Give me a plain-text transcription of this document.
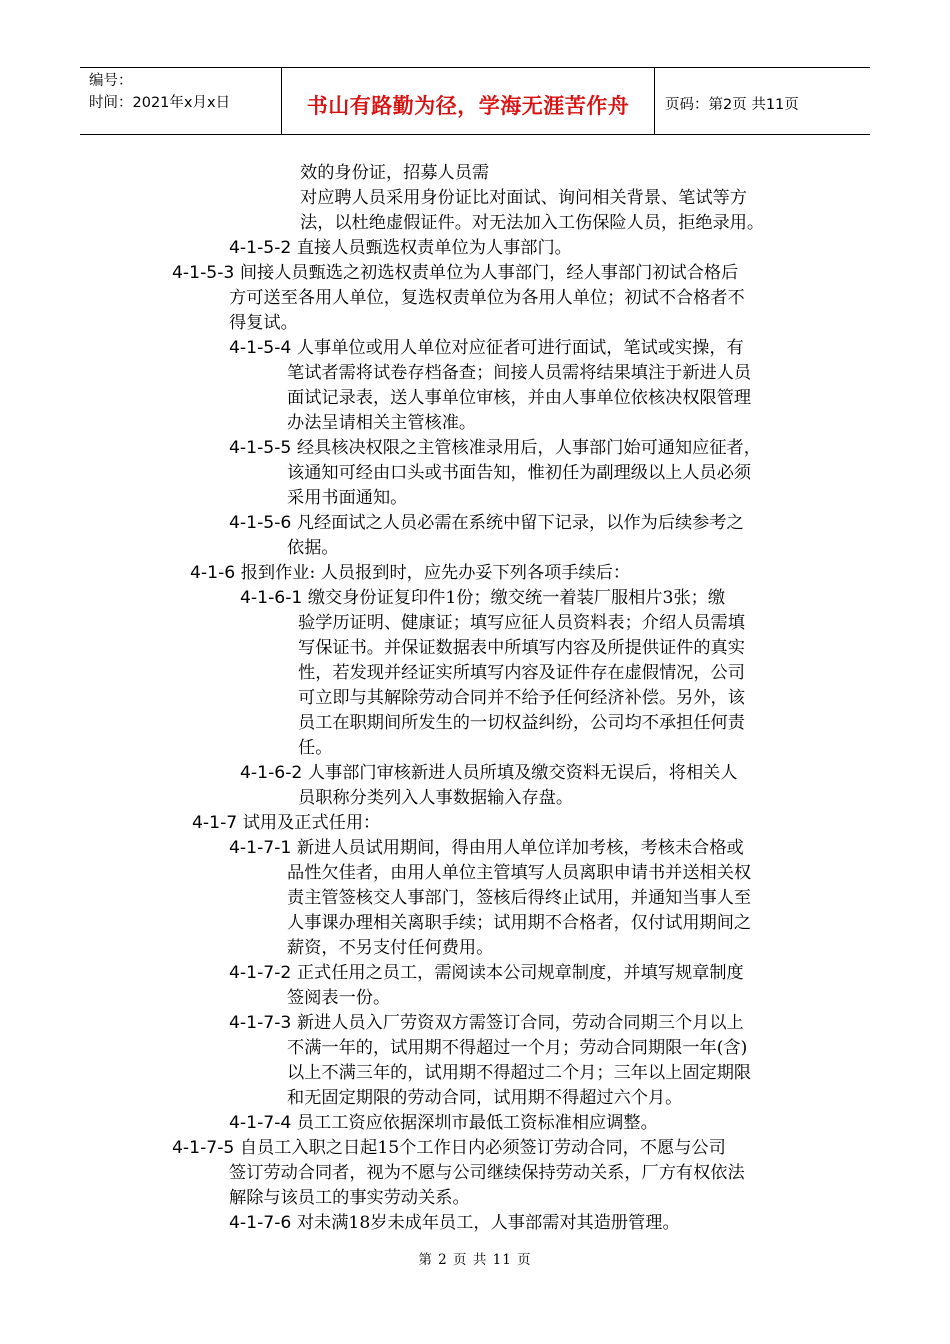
编号：
时间：2021年x月x日	书山有路勤为径，学海无涯苦作舟	页码：第2页 共11页
效的身份证，招募人员需
对应聘人员采用身份证比对面试、询问相关背景、笔试等方
法，以杜绝虚假证件。对无法加入工伤保险人员，拒绝录用。
4-1-5-2 直接人员甄选权责单位为人事部门。
4-1-5-3 间接人员甄选之初选权责单位为人事部门，经人事部门初试合格后
方可送至各用人单位，复选权责单位为各用人单位；初试不合格者不
得复试。
4-1-5-4 人事单位或用人单位对应征者可进行面试，笔试或实操，有
笔试者需将试卷存档备查；间接人员需将结果填注于新进人员
面试记录表，送人事单位审核，并由人事单位依核决权限管理
办法呈请相关主管核准。
4-1-5-5 经具核决权限之主管核准录用后，人事部门始可通知应征者，
该通知可经由口头或书面告知，惟初任为副理级以上人员必须
采用书面通知。
4-1-5-6 凡经面试之人员必需在系统中留下记录，以作为后续参考之
依据。
4-1-6 报到作业: 人员报到时，应先办妥下列各项手续后：
4-1-6-1 缴交身份证复印件1份；缴交统一着装厂服相片3张；缴
验学历证明、健康证；填写应征人员资料表；介绍人员需填
写保证书。并保证数据表中所填写内容及所提供证件的真实
性，若发现并经证实所填写内容及证件存在虚假情况，公司
可立即与其解除劳动合同并不给予任何经济补偿。另外，该
员工在职期间所发生的一切权益纠纷，公司均不承担任何责
任。
4-1-6-2 人事部门审核新进人员所填及缴交资料无误后，将相关人
员职称分类列入人事数据输入存盘。
4-1-7 试用及正式任用：
4-1-7-1 新进人员试用期间，得由用人单位详加考核，考核未合格或
品性欠佳者，由用人单位主管填写人员离职申请书并送相关权
责主管签核交人事部门，签核后得终止试用，并通知当事人至
人事课办理相关离职手续；试用期不合格者，仅付试用期间之
薪资，不另支付任何费用。
4-1-7-2 正式任用之员工，需阅读本公司规章制度，并填写规章制度
签阅表一份。
4-1-7-3 新进人员入厂劳资双方需签订合同，劳动合同期三个月以上
不满一年的，试用期不得超过一个月；劳动合同期限一年(含)
以上不满三年的，试用期不得超过二个月；三年以上固定期限
和无固定期限的劳动合同，试用期不得超过六个月。
4-1-7-4 员工工资应依据深圳市最低工资标准相应调整。
4-1-7-5 自员工入职之日起15个工作日内必须签订劳动合同，不愿与公司
签订劳动合同者，视为不愿与公司继续保持劳动关系，厂方有权依法
解除与该员工的事实劳动关系。
4-1-7-6 对未满18岁未成年员工，人事部需对其造册管理。
第 2 页 共 11 页
